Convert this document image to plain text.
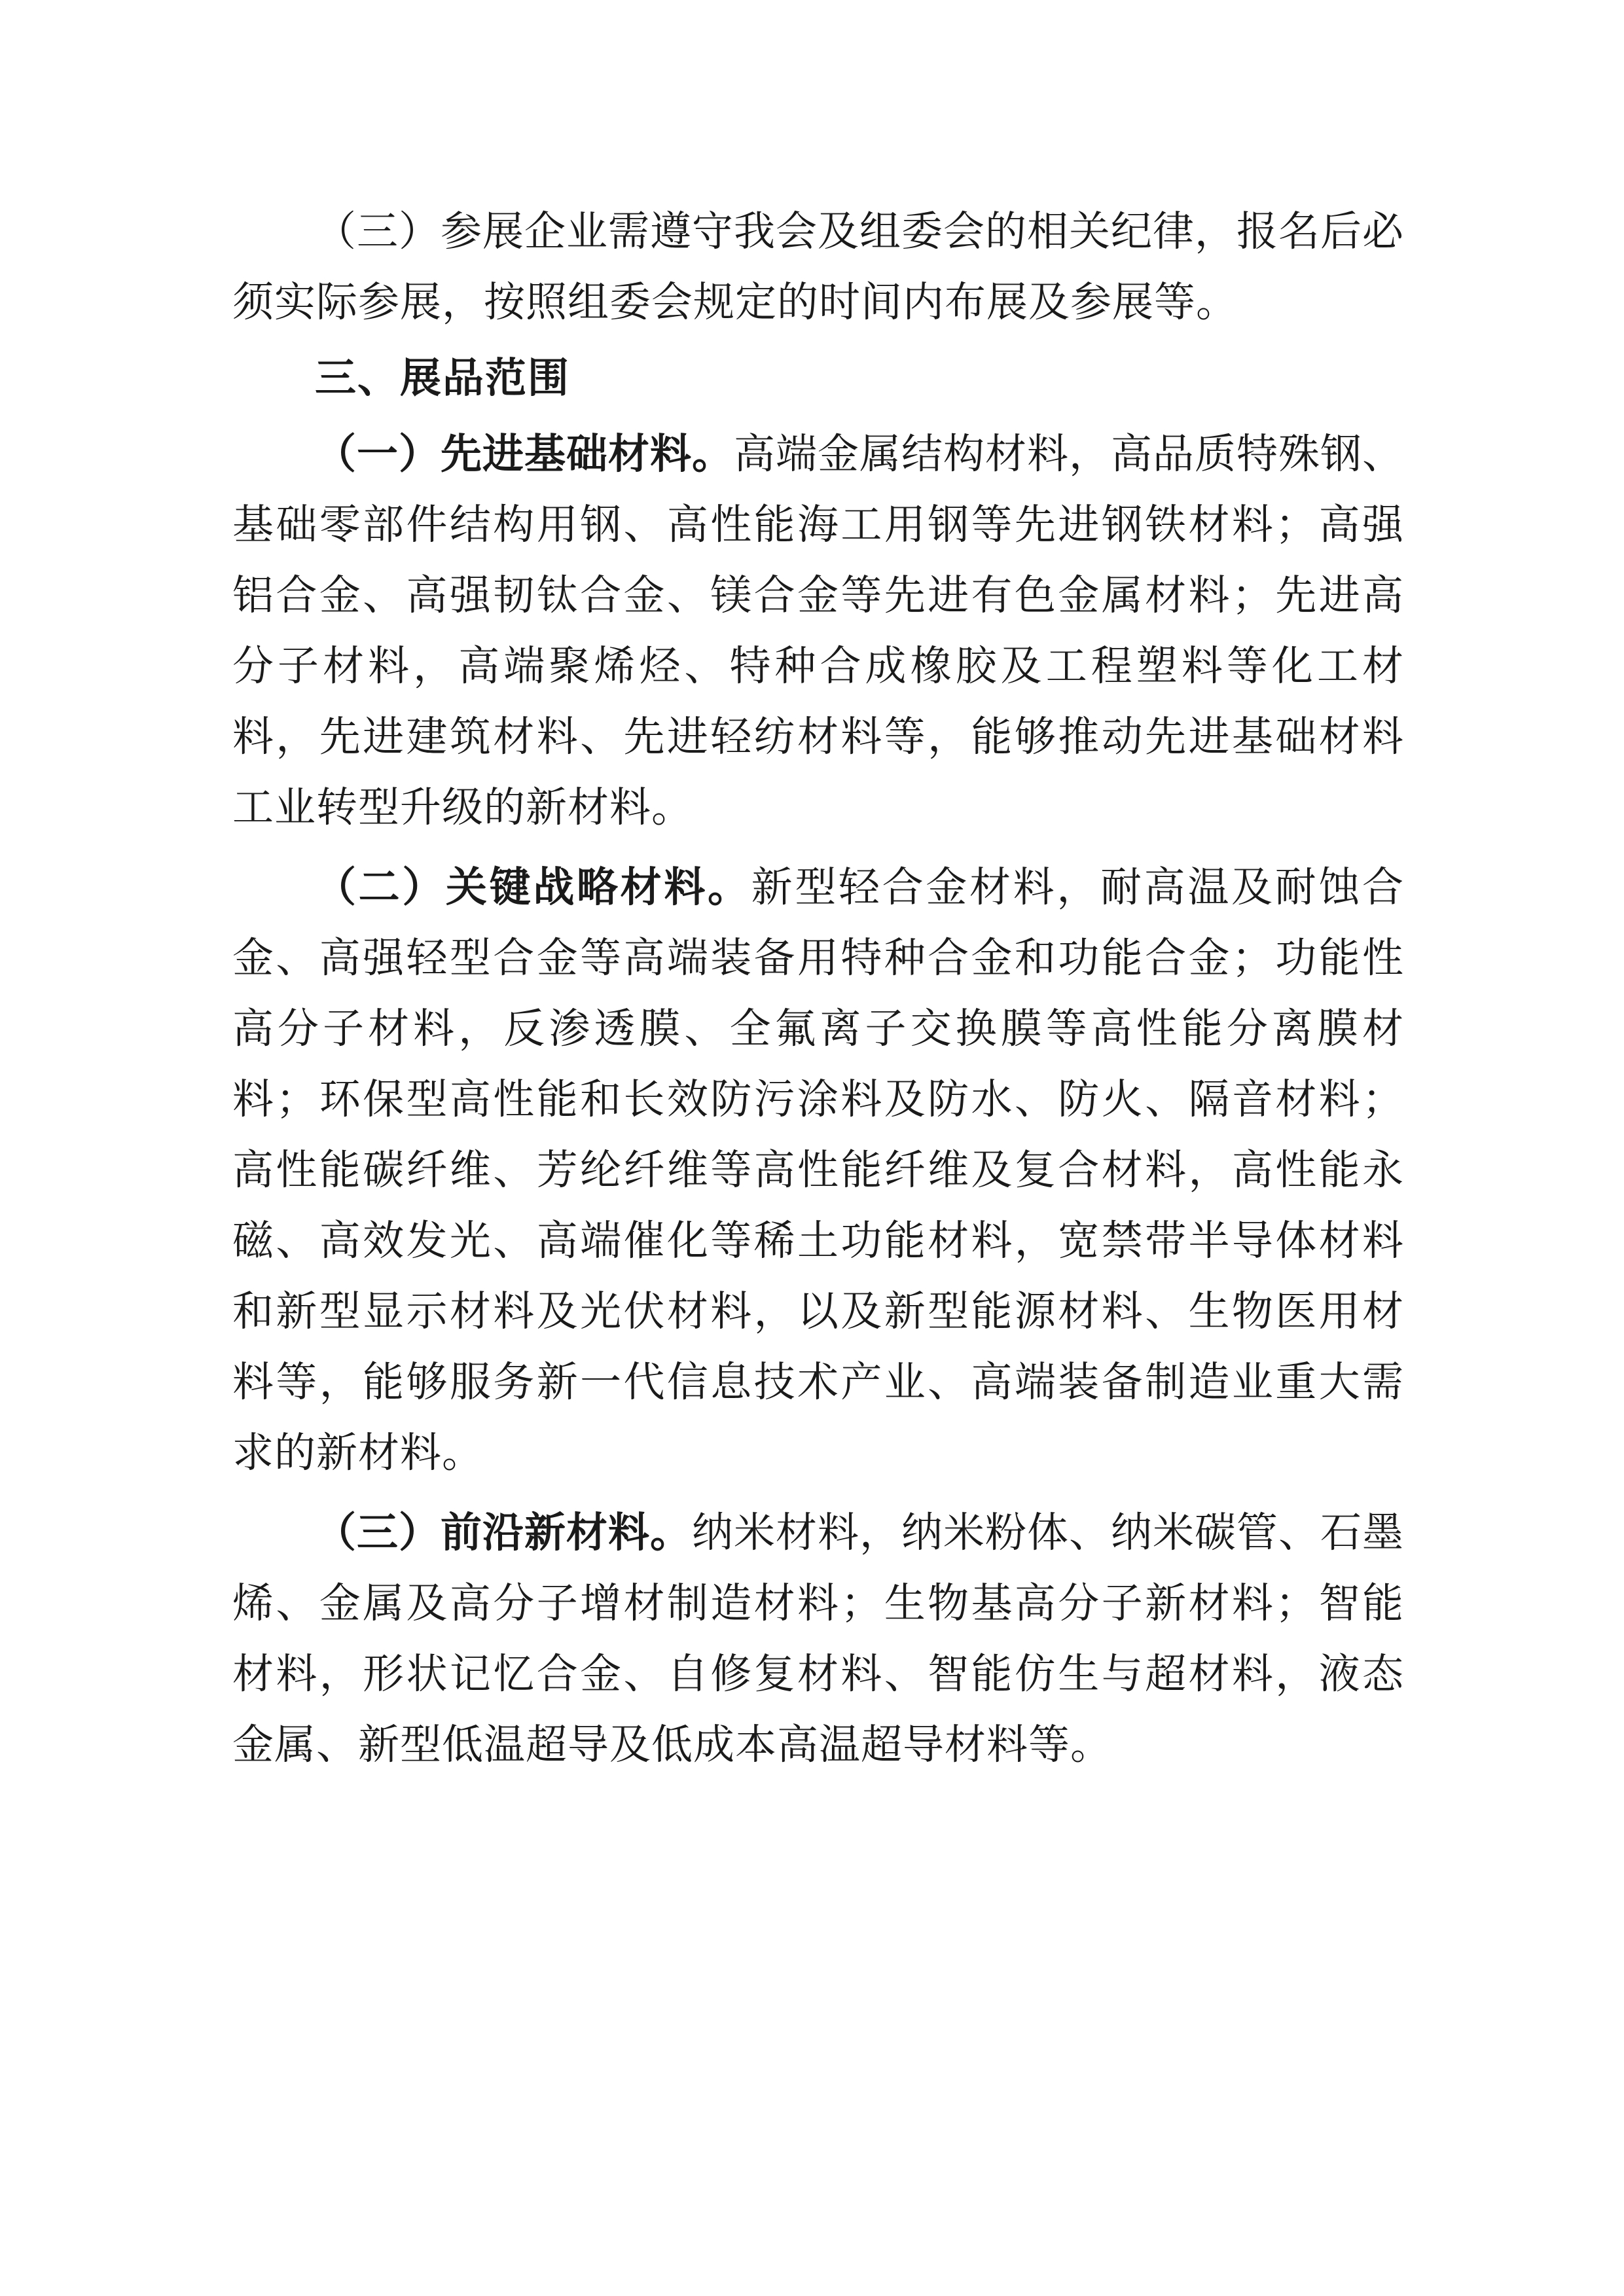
（三）参展企业需遵守我会及组委会的相关纪律，报名后必须实际参展，按照组委会规定的时间内布展及参展等。

三、展品范围

（一）先进基础材料。高端金属结构材料，高品质特殊钢、基础零部件结构用钢、高性能海工用钢等先进钢铁材料；高强铝合金、高强韧钛合金、镁合金等先进有色金属材料；先进高分子材料，高端聚烯烃、特种合成橡胶及工程塑料等化工材料，先进建筑材料、先进轻纺材料等，能够推动先进基础材料工业转型升级的新材料。

（二）关键战略材料。新型轻合金材料，耐高温及耐蚀合金、高强轻型合金等高端装备用特种合金和功能合金；功能性高分子材料，反渗透膜、全氟离子交换膜等高性能分离膜材料；环保型高性能和长效防污涂料及防水、防火、隔音材料；高性能碳纤维、芳纶纤维等高性能纤维及复合材料，高性能永磁、高效发光、高端催化等稀土功能材料，宽禁带半导体材料和新型显示材料及光伏材料，以及新型能源材料、生物医用材料等，能够服务新一代信息技术产业、高端装备制造业重大需求的新材料。

（三）前沿新材料。纳米材料，纳米粉体、纳米碳管、石墨烯、金属及高分子增材制造材料；生物基高分子新材料；智能材料，形状记忆合金、自修复材料、智能仿生与超材料，液态金属、新型低温超导及低成本高温超导材料等。
